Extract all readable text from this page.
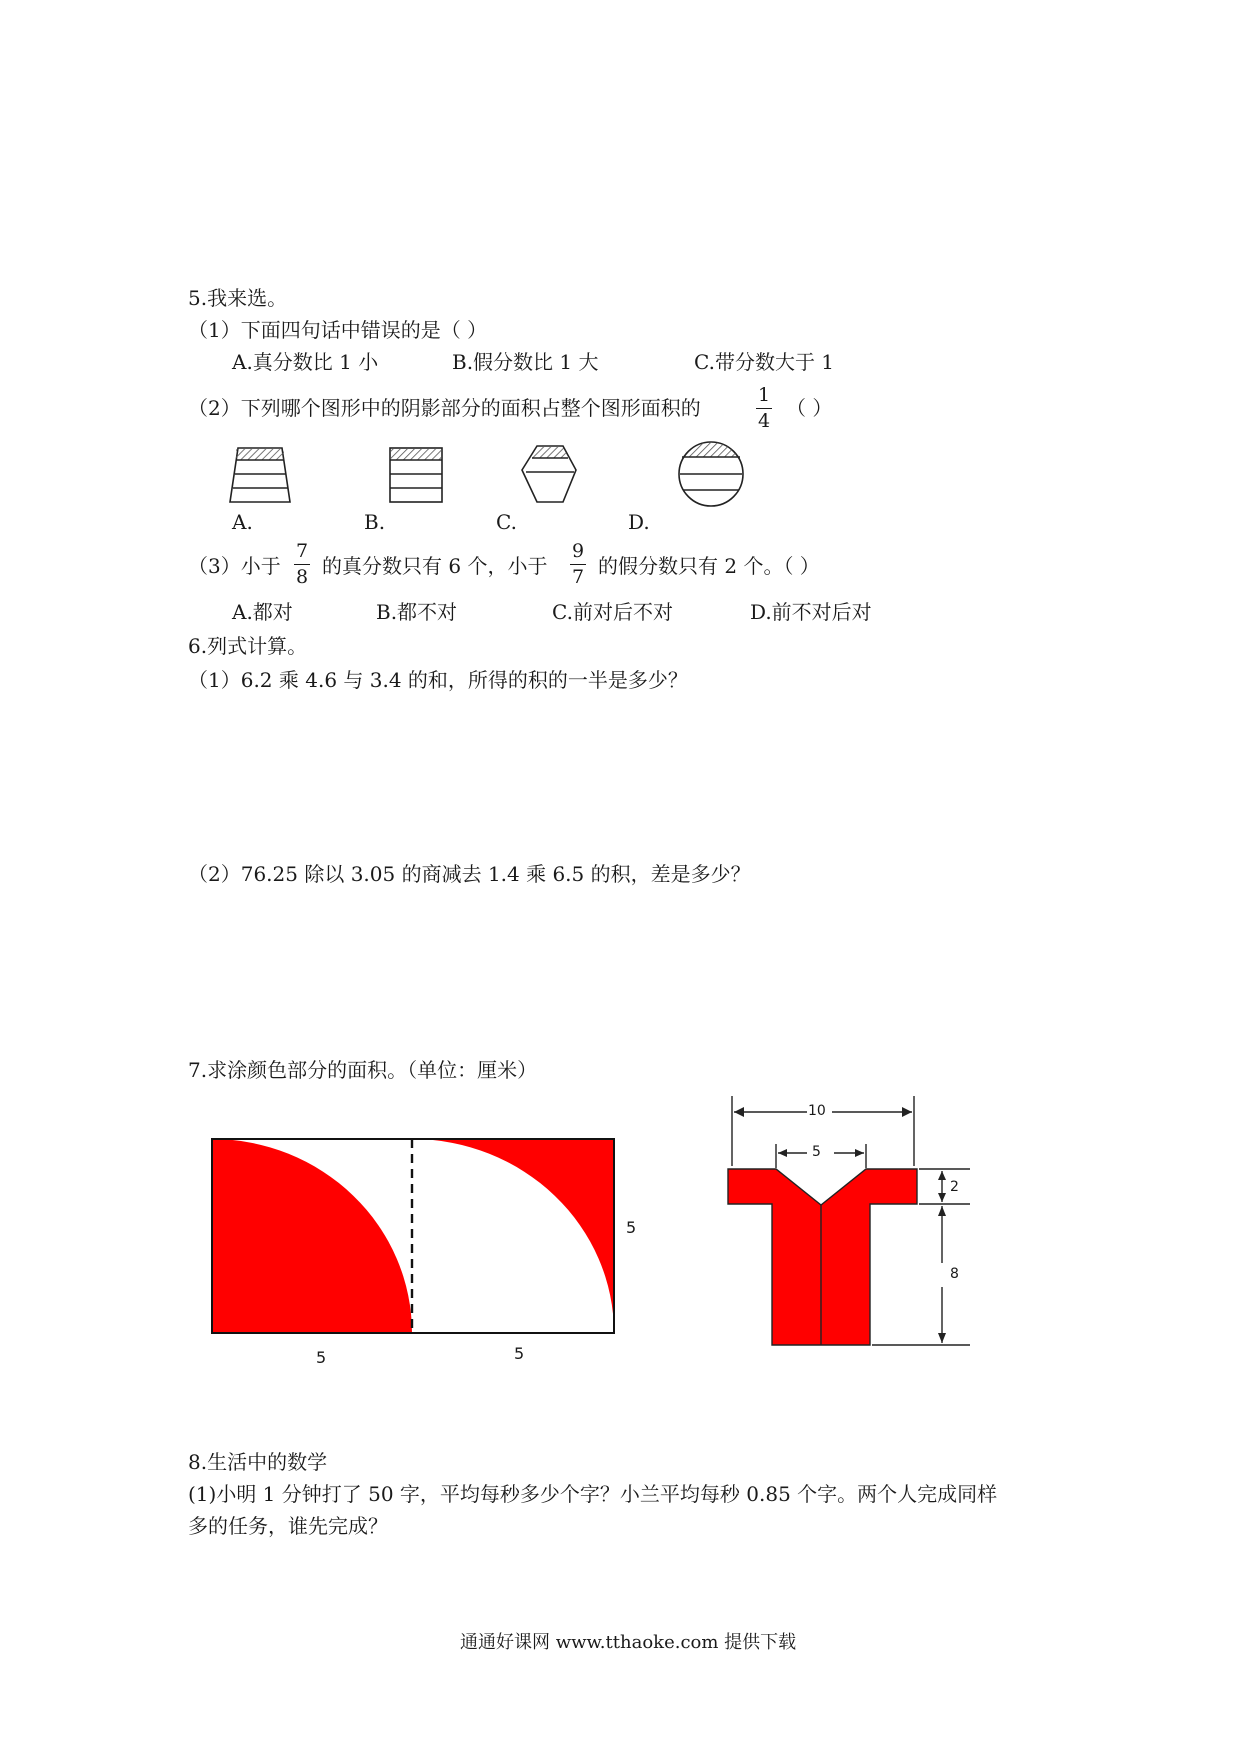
5.我来选。
（1）下面四句话中错误的是（ ）
A.真分数比 1 小	B.假分数比 1 大	C.带分数大于 1
（2）下列哪个图形中的阴影部分的面积占整个图形面积的	$\frac{1}{4}$ （ ）
A.	B.	C.	D.
（3）小于 $\frac{7}{8}$ 的真分数只有 6 个，小于 $\frac{9}{7}$ 的假分数只有 2 个。（ ）
A.都对	B.都不对	C.前对后不对	D.前不对后对
6.列式计算。
（1）6.2 乘 4.6 与 3.4 的和，所得的积的一半是多少？
（2）76.25 除以 3.05 的商减去 1.4 乘 6.5 的积，差是多少？
7.求涂颜色部分的面积。（单位：厘米）
5	5
5
10
5
2
8
8.生活中的数学
(1)小明 1 分钟打了 50 字，平均每秒多少个字？小兰平均每秒 0.85 个字。两个人完成同样
多的任务，谁先完成？
通通好课网 www.tthaoke.com 提供下载
